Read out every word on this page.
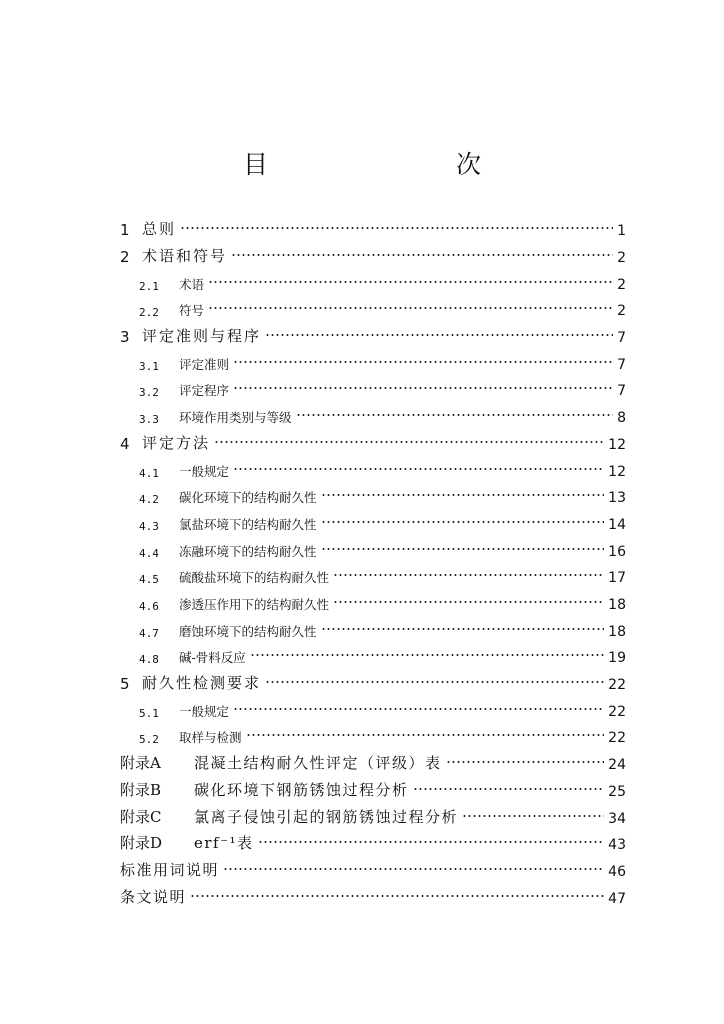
目　　次
1 总则	1
2 术语和符号	2
2.1	术语	2
2.2	符号	2
3 评定准则与程序	7
3.1	评定准则	7
3.2	评定程序	7
3.3	环境作用类别与等级	8
4 评定方法	12
4.1	一般规定	12
4.2	碳化环境下的结构耐久性	13
4.3	氯盐环境下的结构耐久性	14
4.4	冻融环境下的结构耐久性	16
4.5	硫酸盐环境下的结构耐久性	17
4.6	渗透压作用下的结构耐久性	18
4.7	磨蚀环境下的结构耐久性	18
4.8	碱-骨料反应	19
5 耐久性检测要求	22
5.1	一般规定	22
5.2	取样与检测	22
附录A	混凝土结构耐久性评定（评级）表	24
附录B	碳化环境下钢筋锈蚀过程分析	25
附录C	氯离子侵蚀引起的钢筋锈蚀过程分析	34
附录D	erf⁻¹表	43
标准用词说明	46
条文说明	47
